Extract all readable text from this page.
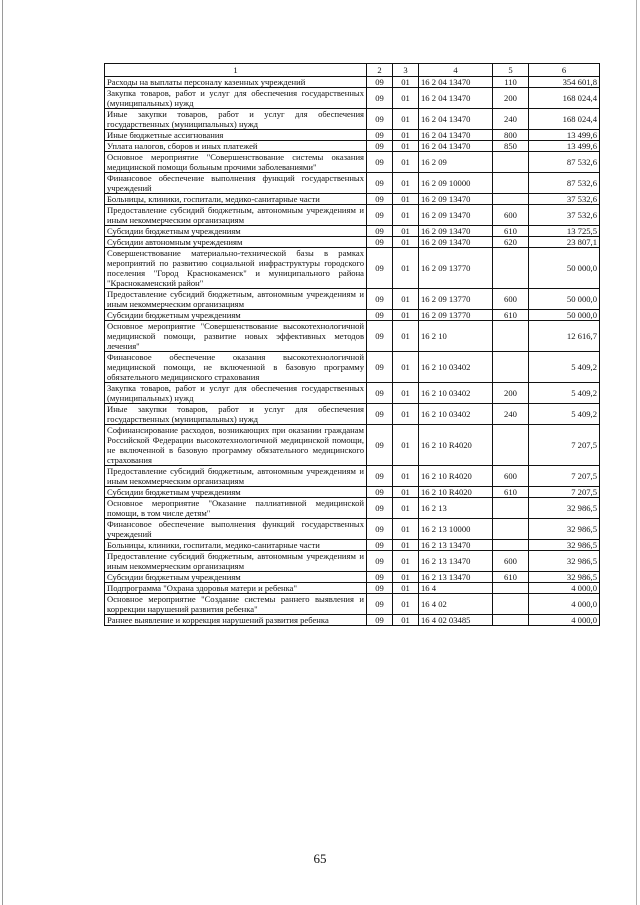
1	2	3	4	5	6
Расходы на выплаты персоналу казенных учреждений	09	01	16 2 04 13470	110	354 601,8
Закупка товаров, работ и услуг для обеспечения государственных (муниципальных) нужд	09	01	16 2 04 13470	200	168 024,4
Иные закупки товаров, работ и услуг для обеспечения государственных (муниципальных) нужд	09	01	16 2 04 13470	240	168 024,4
Иные бюджетные ассигнования	09	01	16 2 04 13470	800	13 499,6
Уплата налогов, сборов и иных платежей	09	01	16 2 04 13470	850	13 499,6
Основное мероприятие "Совершенствование системы оказания медицинской помощи больным прочими заболеваниями"	09	01	16 2 09		87 532,6
Финансовое обеспечение выполнения функций государственных учреждений	09	01	16 2 09 10000		87 532,6
Больницы, клиники, госпитали, медико-санитарные части	09	01	16 2 09 13470		37 532,6
Предоставление субсидий бюджетным, автономным учреждениям и иным некоммерческим организациям	09	01	16 2 09 13470	600	37 532,6
Субсидии бюджетным учреждениям	09	01	16 2 09 13470	610	13 725,5
Субсидии автономным учреждениям	09	01	16 2 09 13470	620	23 807,1
Совершенствование материально-технической базы в рамках мероприятий по развитию социальной инфраструктуры городского поселения "Город Краснокаменск" и муниципального района "Краснокаменский район"	09	01	16 2 09 13770		50 000,0
Предоставление субсидий бюджетным, автономным учреждениям и иным некоммерческим организациям	09	01	16 2 09 13770	600	50 000,0
Субсидии бюджетным учреждениям	09	01	16 2 09 13770	610	50 000,0
Основное мероприятие "Совершенствование высокотехнологичной медицинской помощи, развитие новых эффективных методов лечения"	09	01	16 2 10		12 616,7
Финансовое обеспечение оказания высокотехнологичной медицинской помощи, не включенной в базовую программу обязательного медицинского страхования	09	01	16 2 10 03402		5 409,2
Закупка товаров, работ и услуг для обеспечения государственных (муниципальных) нужд	09	01	16 2 10 03402	200	5 409,2
Иные закупки товаров, работ и услуг для обеспечения государственных (муниципальных) нужд	09	01	16 2 10 03402	240	5 409,2
Софинансирование расходов, возникающих при оказании гражданам Российской Федерации высокотехнологичной медицинской помощи, не включенной в базовую программу обязательного медицинского страхования	09	01	16 2 10 R4020		7 207,5
Предоставление субсидий бюджетным, автономным учреждениям и иным некоммерческим организациям	09	01	16 2 10 R4020	600	7 207,5
Субсидии бюджетным учреждениям	09	01	16 2 10 R4020	610	7 207,5
Основное мероприятие "Оказание паллиативной медицинской помощи, в том числе детям"	09	01	16 2 13		32 986,5
Финансовое обеспечение выполнения функций государственных учреждений	09	01	16 2 13 10000		32 986,5
Больницы, клиники, госпитали, медико-санитарные части	09	01	16 2 13 13470		32 986,5
Предоставление субсидий бюджетным, автономным учреждениям и иным некоммерческим организациям	09	01	16 2 13 13470	600	32 986,5
Субсидии бюджетным учреждениям	09	01	16 2 13 13470	610	32 986,5
Подпрограмма "Охрана здоровья матери и ребенка"	09	01	16 4		4 000,0
Основное мероприятие "Создание системы раннего выявления и коррекции нарушений развития ребенка"	09	01	16 4 02		4 000,0
Раннее выявление и коррекция нарушений развития ребенка	09	01	16 4 02 03485		4 000,0
65
